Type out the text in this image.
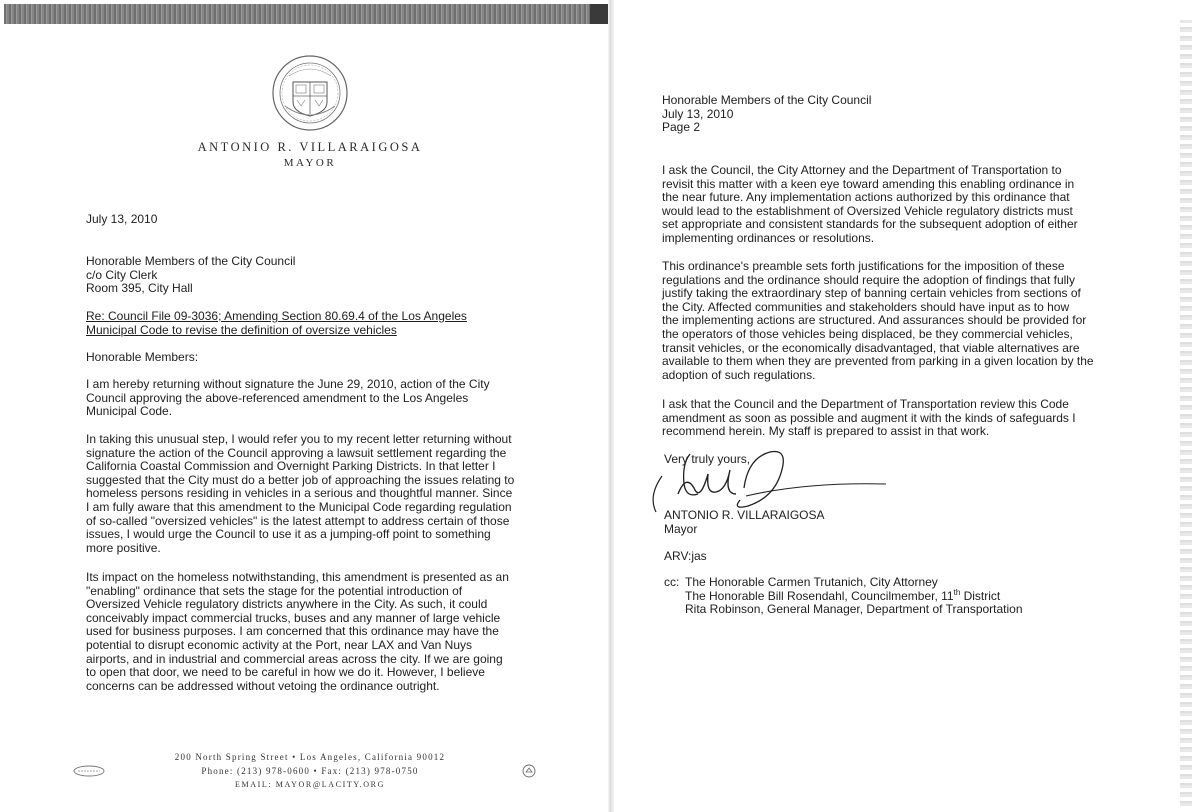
ANTONIO R. VILLARAIGOSA
MAYOR
July 13, 2010
Honorable Members of the City Council
c/o City Clerk
Room 395, City Hall
Re: Council File 09-3036; Amending Section 80.69.4 of the Los Angeles
Municipal Code to revise the definition of oversize vehicles
Honorable Members:
I am hereby returning without signature the June 29, 2010, action of the City
Council approving the above-referenced amendment to the Los Angeles
Municipal Code.
In taking this unusual step, I would refer you to my recent letter returning without
signature the action of the Council approving a lawsuit settlement regarding the
California Coastal Commission and Overnight Parking Districts. In that letter I
suggested that the City must do a better job of approaching the issues relating to
homeless persons residing in vehicles in a serious and thoughtful manner. Since
I am fully aware that this amendment to the Municipal Code regarding regulation
of so-called "oversized vehicles" is the latest attempt to address certain of those
issues, I would urge the Council to use it as a jumping-off point to something
more positive.
Its impact on the homeless notwithstanding, this amendment is presented as an
"enabling" ordinance that sets the stage for the potential introduction of
Oversized Vehicle regulatory districts anywhere in the City. As such, it could
conceivably impact commercial trucks, buses and any manner of large vehicle
used for business purposes. I am concerned that this ordinance may have the
potential to disrupt economic activity at the Port, near LAX and Van Nuys
airports, and in industrial and commercial areas across the city. If we are going
to open that door, we need to be careful in how we do it. However, I believe
concerns can be addressed without vetoing the ordinance outright.
200 North Spring Street • Los Angeles, California 90012
Phone: (213) 978-0600 • Fax: (213) 978-0750
EMAIL: MAYOR@LACITY.ORG
Honorable Members of the City Council
July 13, 2010
Page 2
I ask the Council, the City Attorney and the Department of Transportation to
revisit this matter with a keen eye toward amending this enabling ordinance in
the near future. Any implementation actions authorized by this ordinance that
would lead to the establishment of Oversized Vehicle regulatory districts must
set appropriate and consistent standards for the subsequent adoption of either
implementing ordinances or resolutions.
This ordinance's preamble sets forth justifications for the imposition of these
regulations and the ordinance should require the adoption of findings that fully
justify taking the extraordinary step of banning certain vehicles from sections of
the City. Affected communities and stakeholders should have input as to how
the implementing actions are structured. And assurances should be provided for
the operators of those vehicles being displaced, be they commercial vehicles,
transit vehicles, or the economically disadvantaged, that viable alternatives are
available to them when they are prevented from parking in a given location by the
adoption of such regulations.
I ask that the Council and the Department of Transportation review this Code
amendment as soon as possible and augment it with the kinds of safeguards I
recommend herein. My staff is prepared to assist in that work.
Very truly yours,
ANTONIO R. VILLARAIGOSA
Mayor
ARV:jas
cc: The Honorable Carmen Trutanich, City Attorney
The Honorable Bill Rosendahl, Councilmember, 11th District
Rita Robinson, General Manager, Department of Transportation
